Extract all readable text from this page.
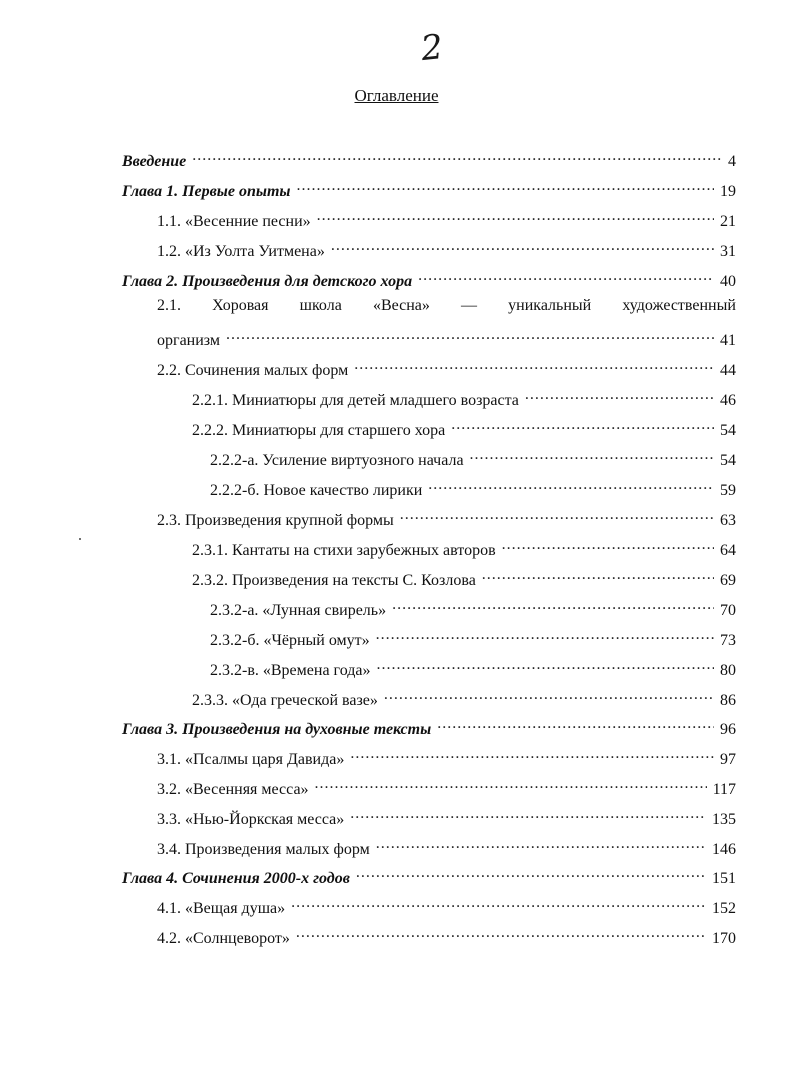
2
Оглавление
Введение .....	4
Глава 1. Первые опыты .....	19
1.1. «Весенние песни» .....	21
1.2. «Из Уолта Уитмена» .....	31
Глава 2. Произведения для детского хора .....	40
2.1. Хоровая школа «Весна» — уникальный художественный
организм .....	41
2.2. Сочинения малых форм .....	44
2.2.1. Миниатюры для детей младшего возраста .....	46
2.2.2. Миниатюры для старшего хора .....	54
2.2.2-а. Усиление виртуозного начала .....	54
2.2.2-б. Новое качество лирики .....	59
2.3. Произведения крупной формы .....	63
2.3.1. Кантаты на стихи зарубежных авторов .....	64
2.3.2. Произведения на тексты С. Козлова .....	69
2.3.2-а. «Лунная свирель» .....	70
2.3.2-б. «Чёрный омут» .....	73
2.3.2-в. «Времена года» .....	80
2.3.3. «Ода греческой вазе» .....	86
Глава 3. Произведения на духовные тексты .....	96
3.1. «Псалмы царя Давида» .....	97
3.2. «Весенняя месса» .....	117
3.3. «Нью-Йоркская месса» .....	135
3.4. Произведения малых форм .....	146
Глава 4. Сочинения 2000-х годов .....	151
4.1. «Вещая душа» .....	152
4.2. «Солнцеворот» .....	170
